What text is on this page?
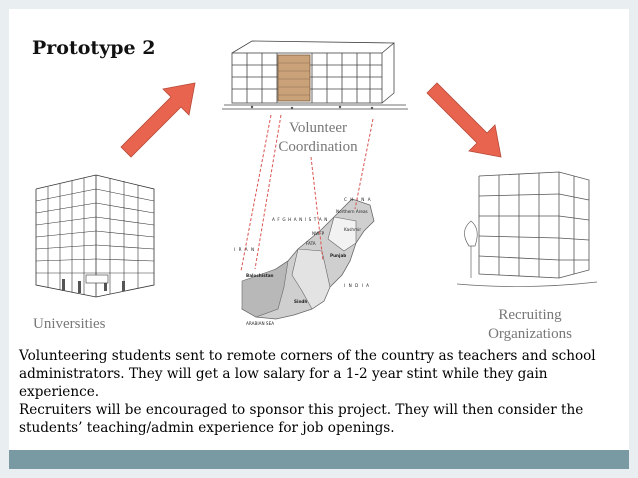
Prototype 2
C H I N A
Northern Areas
Kashmir
Punjab
Sindh
Balochistan
ARABIAN SEA
NWFP
FATA
I N D I A
I R A N
A F G H A N I S T A N
Volunteer
Coordination
Universities
Recruiting
Organizations

Volunteering students sent to remote corners of the country as teachers and school administrators. They will get a low salary for a 1-2 year stint while they gain experience.

Recruiters will be encouraged to sponsor this project. They will then consider the students’ teaching/admin experience for job openings.
